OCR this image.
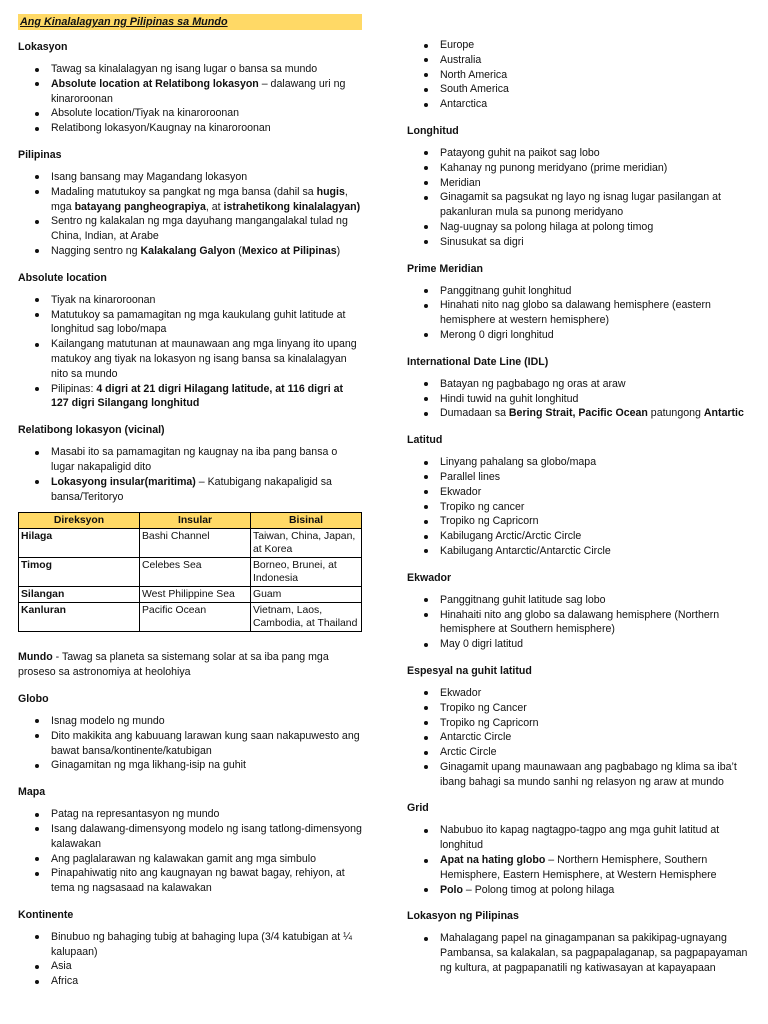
Ang Kinalalagyan ng Pilipinas sa Mundo
Lokasyon
Tawag sa kinalalagyan ng isang lugar o bansa sa mundo
Absolute location at Relatibong lokasyon – dalawang uri ng kinaroroonan
Absolute location/Tiyak na kinaroroonan
Relatibong lokasyon/Kaugnay na kinaroroonan
Pilipinas
Isang bansang may Magandang lokasyon
Madaling matutukoy sa pangkat ng mga bansa (dahil sa hugis, mga batayang pangheograpiya, at istrahetikong kinalalagyan)
Sentro ng kalakalan ng mga dayuhang mangangalakal tulad ng China, Indian, at Arabe
Nagging sentro ng Kalakalang Galyon (Mexico at Pilipinas)
Absolute location
Tiyak na kinaroroonan
Matutukoy sa pamamagitan ng mga kaukulang guhit latitude at longhitud sag lobo/mapa
Kailangang matutunan at maunawaan ang mga linyang ito upang matukoy ang tiyak na lokasyon ng isang bansa sa kinalalagyan nito sa mundo
Pilipinas: 4 digri at 21 digri Hilagang latitude, at 116 digri at 127 digri Silangang longhitud
Relatibong lokasyon (vicinal)
Masabi ito sa pamamagitan ng kaugnay na iba pang bansa o lugar nakapaligid dito
Lokasyong insular(maritima) – Katubigang nakapaligid sa bansa/Teritoryo
Direksyon	Insular	Bisinal
Hilaga	Bashi Channel	Taiwan, China, Japan, at Korea
Timog	Celebes Sea	Borneo, Brunei, at Indonesia
Silangan	West Philippine Sea	Guam
Kanluran	Pacific Ocean	Vietnam, Laos, Cambodia, at Thailand

Mundo - Tawag sa planeta sa sistemang solar at sa iba pang mga proseso sa astronomiya at heolohiya

Globo
Isnag modelo ng mundo
Dito makikita ang kabuuang larawan kung saan nakapuwesto ang bawat bansa/kontinente/katubigan
Ginagamitan ng mga likhang-isip na guhit
Mapa
Patag na represantasyon ng mundo
Isang dalawang-dimensyong modelo ng isang tatlong-dimensyong kalawakan
Ang paglalarawan ng kalawakan gamit ang mga simbulo
Pinapahiwatig nito ang kaugnayan ng bawat bagay, rehiyon, at tema ng nagsasaad na kalawakan
Kontinente
Binubuo ng bahaging tubig at bahaging lupa (3/4 katubigan at ¼ kalupaan)
Asia
Africa
Europe
Australia
North America
South America
Antarctica
Longhitud
Patayong guhit na paikot sag lobo
Kahanay ng punong meridyano (prime meridian)
Meridian
Ginagamit sa pagsukat ng layo ng isnag lugar pasilangan at pakanluran mula sa punong meridyano
Nag-uugnay sa polong hilaga at polong timog
Sinusukat sa digri
Prime Meridian
Panggitnang guhit longhitud
Hinahati nito nag globo sa dalawang hemisphere (eastern hemisphere at western hemisphere)
Merong 0 digri longhitud
International Date Line (IDL)
Batayan ng pagbabago ng oras at araw
Hindi tuwid na guhit longhitud
Dumadaan sa Bering Strait, Pacific Ocean patungong Antartic
Latitud
Linyang pahalang sa globo/mapa
Parallel lines
Ekwador
Tropiko ng cancer
Tropiko ng Capricorn
Kabilugang Arctic/Arctic Circle
Kabilugang Antarctic/Antarctic Circle
Ekwador
Panggitnang guhit latitude sag lobo
Hinahaiti nito ang globo sa dalawang hemisphere (Northern hemisphere at Southern hemisphere)
May 0 digri latitud
Espesyal na guhit latitud
Ekwador
Tropiko ng Cancer
Tropiko ng Capricorn
Antarctic Circle
Arctic Circle
Ginagamit upang maunawaan ang pagbabago ng klima sa iba’t ibang bahagi sa mundo sanhi ng relasyon ng araw at mundo
Grid
Nabubuo ito kapag nagtagpo-tagpo ang mga guhit latitud at longhitud
Apat na hating globo – Northern Hemisphere, Southern Hemisphere, Eastern Hemisphere, at Western Hemisphere
Polo – Polong timog at polong hilaga
Lokasyon ng Pilipinas
Mahalagang papel na ginagampanan sa pakikipag-ugnayang Pambansa, sa kalakalan, sa pagpapalaganap, sa pagpapayaman ng kultura, at pagpapanatili ng katiwasayan at kapayapaan
